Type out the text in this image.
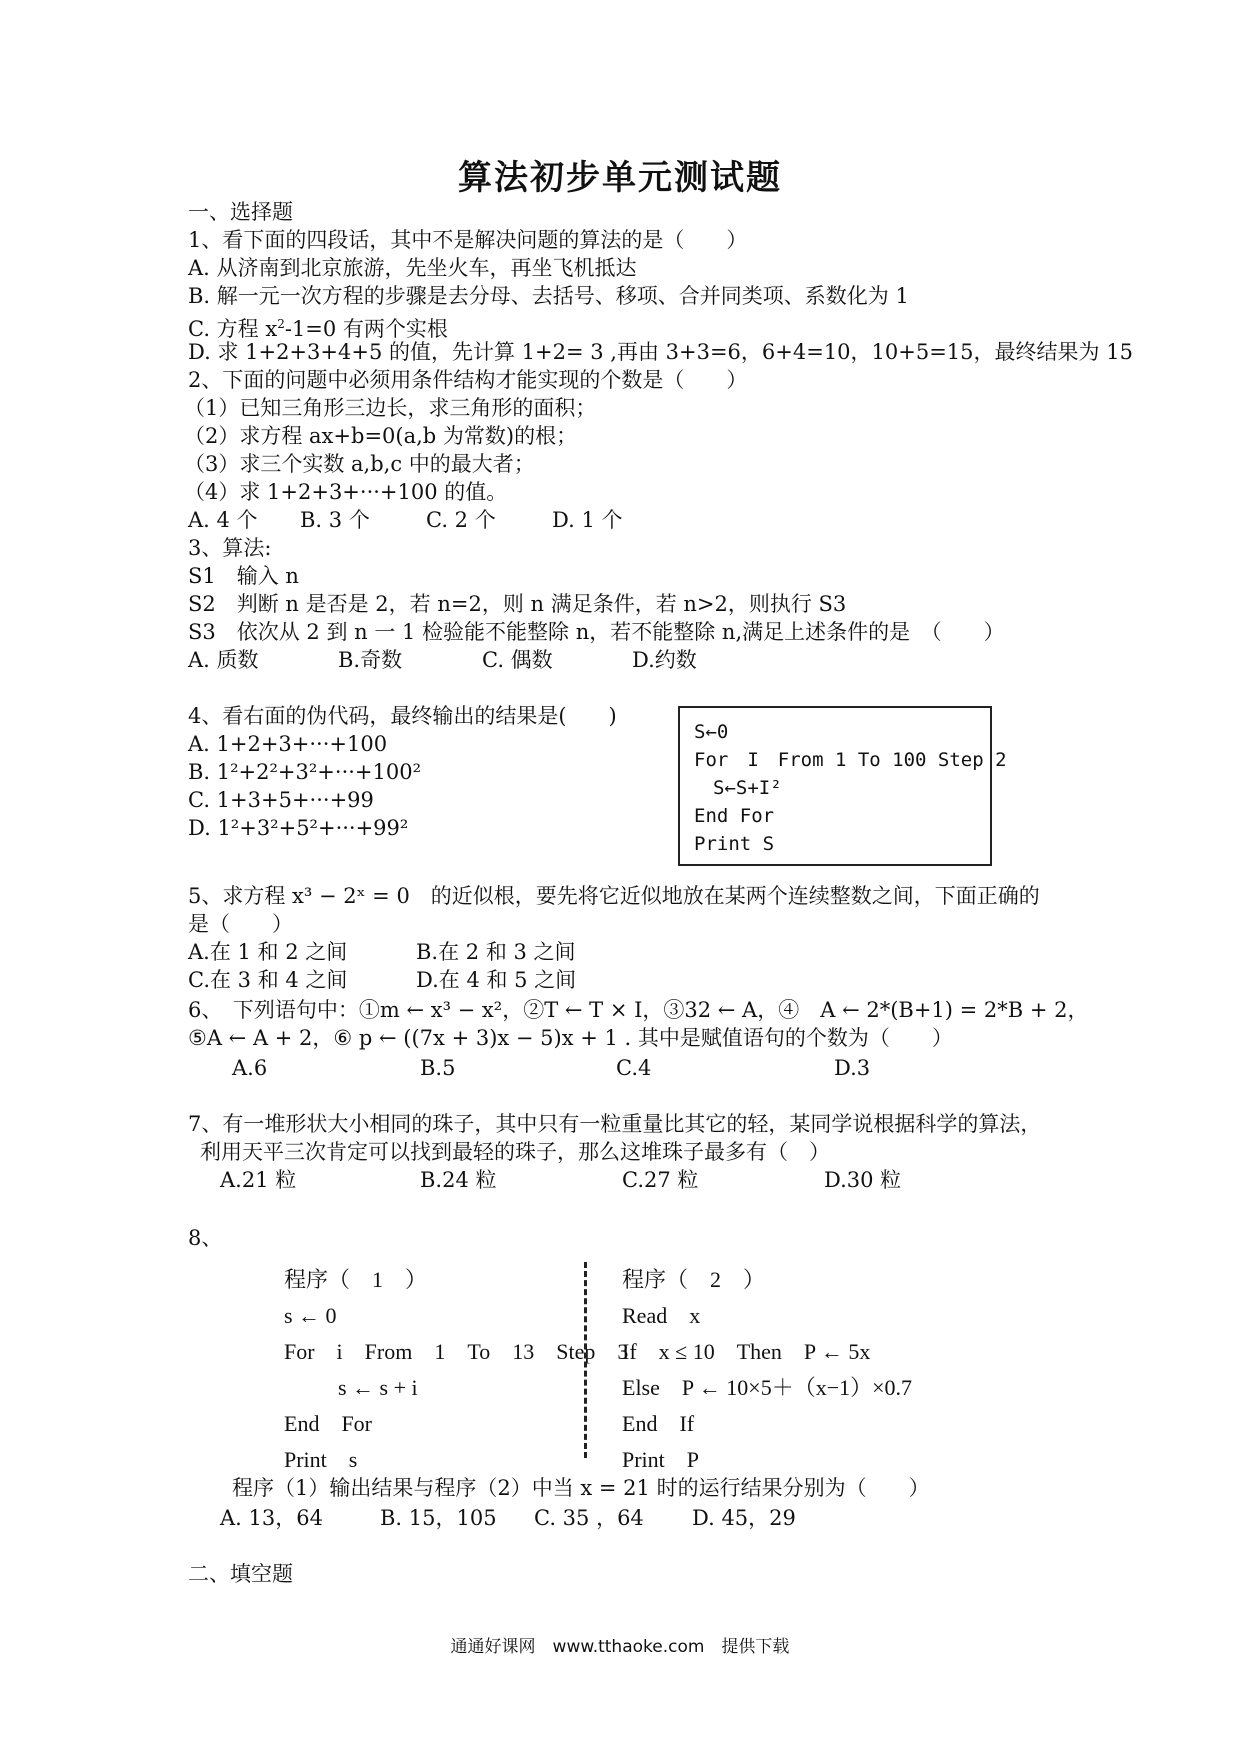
算法初步单元测试题
一、选择题
1、看下面的四段话，其中不是解决问题的算法的是（　　）
A. 从济南到北京旅游，先坐火车，再坐飞机抵达
B. 解一元一次方程的步骤是去分母、去括号、移项、合并同类项、系数化为 1
C. 方程 $x^2-1=0$ 有两个实根
D. 求 1+2+3+4+5 的值，先计算 1+2= 3 ,再由 3+3=6，6+4=10，10+5=15，最终结果为 15
2、下面的问题中必须用条件结构才能实现的个数是（　　）
（1）已知三角形三边长，求三角形的面积；
（2）求方程 ax+b=0(a,b 为常数)的根；
（3）求三个实数 a,b,c 中的最大者；
（4）求 1+2+3+···+100 的值。
A. 4 个 B. 3 个	C. 2 个	D. 1 个
3、算法:
S1　输入 n
S2　判断 n 是否是 2，若 n=2，则 n 满足条件，若 n>2，则执行 S3
S3　依次从 2 到 n 一 1 检验能不能整除 n，若不能整除 n,满足上述条件的是　（　　）
A. 质数	B.奇数	C. 偶数	D.约数
4、看右面的伪代码，最终输出的结果是(　　)
A. 1+2+3+···+100
B. 1²+2²+3²+···+100²
C. 1+3+5+···+99
D. 1²+3²+5²+···+99²
S←0
For　I　From 1 To 100 Step 2
　S←S+I²
End For
Print S
5、求方程 x³ − 2ˣ = 0　的近似根，要先将它近似地放在某两个连续整数之间，下面正确的
是（　　）
A.在 1 和 2 之间	B.在 2 和 3 之间
C.在 3 和 4 之间	D.在 4 和 5 之间
6、　下列语句中：①m ← x³ − x²，②T ← T × I，③32 ← A，④　A ← 2*(B+1) = 2*B + 2，
⑤A ← A + 2，⑥ p ← ((7x + 3)x − 5)x + 1 . 其中是赋值语句的个数为（　　）
A.6	B.5	C.4	D.3
7、有一堆形状大小相同的珠子，其中只有一粒重量比其它的轻，某同学说根据科学的算法，
利用天平三次肯定可以找到最轻的珠子，那么这堆珠子最多有（　）
A.21 粒	B.24 粒	C.27 粒	D.30 粒
8、
程序（　1　）
s ← 0
For　i　From　1　To　13　Step　3
s ← s + i
End　For
Print　s
程序（　2　）
Read　x
If　x ≤ 10　Then　P ← 5x
Else　P ← 10×5＋（x−1）×0.7
End　If
Print　P
程序（1）输出结果与程序（2）中当 x = 21 时的运行结果分别为（　　）
A. 13，64	B. 15，105 C. 35 ，64 D. 45，29
二、填空题
通通好课网　www.tthaoke.com　提供下载
